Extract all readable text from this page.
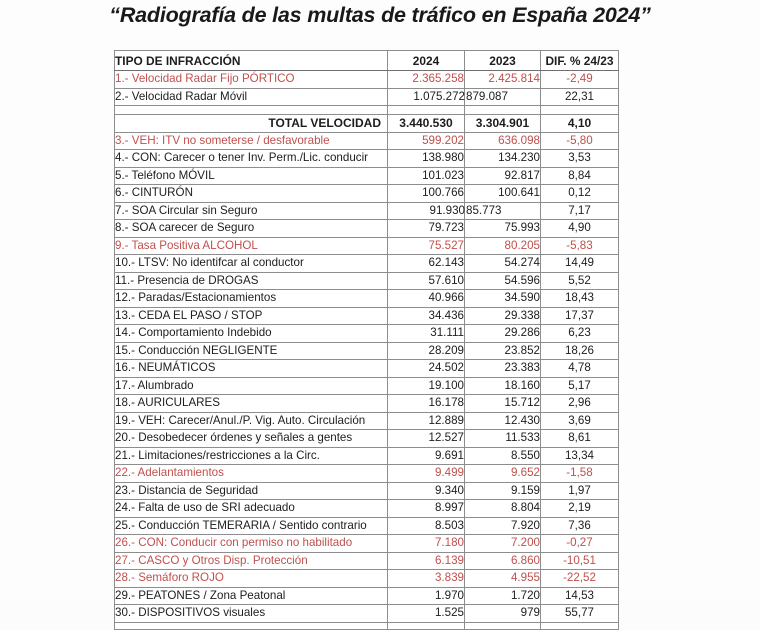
“Radiografía de las multas de tráfico en España 2024”
TIPO DE INFRACCIÓN	2024	2023	DIF. % 24/23
1.- Velocidad Radar Fijo PÓRTICO	2.365.258	2.425.814	-2,49
2.- Velocidad Radar Móvil	1.075.272	879.087	22,31

TOTAL VELOCIDAD	3.440.530	3.304.901	4,10
3.- VEH: ITV no someterse / desfavorable	599.202	636.098	-5,80
4.- CON: Carecer o tener Inv. Perm./Lic. conducir	138.980	134.230	3,53
5.- Teléfono MÓVIL	101.023	92.817	8,84
6.- CINTURÓN	100.766	100.641	0,12
7.- SOA Circular sin Seguro	91.930	85.773	7,17
8.- SOA carecer de Seguro	79.723	75.993	4,90
9.- Tasa Positiva ALCOHOL	75.527	80.205	-5,83
10.- LTSV: No identifcar al conductor	62.143	54.274	14,49
11.- Presencia de DROGAS	57.610	54.596	5,52
12.- Paradas/Estacionamientos	40.966	34.590	18,43
13.- CEDA EL PASO / STOP	34.436	29.338	17,37
14.- Comportamiento Indebido	31.111	29.286	6,23
15.- Conducción NEGLIGENTE	28.209	23.852	18,26
16.- NEUMÁTICOS	24.502	23.383	4,78
17.- Alumbrado	19.100	18.160	5,17
18.- AURICULARES	16.178	15.712	2,96
19.- VEH: Carecer/Anul./P. Vig. Auto. Circulación	12.889	12.430	3,69
20.- Desobedecer órdenes y señales a gentes	12.527	11.533	8,61
21.- Limitaciones/restricciones a la Circ.	9.691	8.550	13,34
22.- Adelantamientos	9.499	9.652	-1,58
23.- Distancia de Seguridad	9.340	9.159	1,97
24.- Falta de uso de SRI adecuado	8.997	8.804	2,19
25.- Conducción TEMERARIA / Sentido contrario	8.503	7.920	7,36
26.- CON: Conducir con permiso no habilitado	7.180	7.200	-0,27
27.- CASCO y Otros Disp. Protección	6.139	6.860	-10,51
28.- Semáforo ROJO	3.839	4.955	-22,52
29.- PEATONES / Zona Peatonal	1.970	1.720	14,53
30.- DISPOSITIVOS visuales	1.525	979	55,77
